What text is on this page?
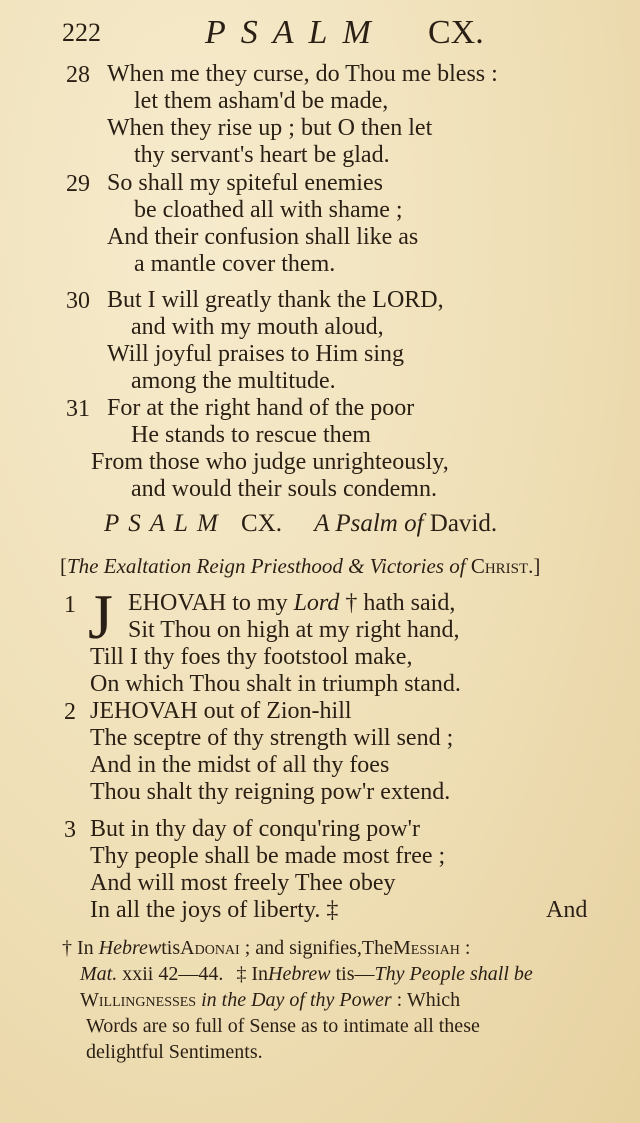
222	PSALM CX.
28 When me they curse, do Thou me bless :
let them asham'd be made,
When they rise up ; but O then let
thy servant's heart be glad.
29 So shall my spiteful enemies
be cloathed all with shame ;
And their confusion shall like as
a mantle cover them.
30 But I will greatly thank the LORD,
and with my mouth aloud,
Will joyful praises to Him sing
among the multitude.
31 For at the right hand of the poor
He stands to rescue them
From those who judge unrighteously,
and would their souls condemn.
PSALM CX. A Psalm of David.
[The Exaltation Reign Priesthood & Victories of Christ.]
1 J EHOVAH to my Lord † hath said,
Sit Thou on high at my right hand,
Till I thy foes thy footstool make,
On which Thou shalt in triumph stand.
2 JEHOVAH out of Zion-hill
The sceptre of thy strength will send ;
And in the midst of all thy foes
Thou shalt thy reigning pow'r extend.
3 But in thy day of conqu'ring pow'r
Thy people shall be made most free ;
And will most freely Thee obey
In all the joys of liberty. ‡	And
† In HebrewtisAdonai ; and signifies,TheMessiah :
Mat. xxii 42—44. ‡ InHebrew tis—Thy People shall be
Willingnesses in the Day of thy Power : Which
Words are so full of Sense as to intimate all these
delightful Sentiments.
